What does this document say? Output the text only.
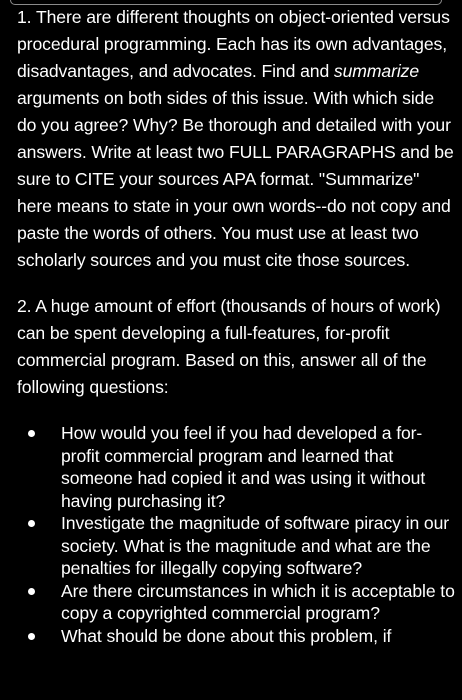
1. There are different thoughts on object-oriented versus procedural programming. Each has its own advantages, disadvantages, and advocates. Find and summarize arguments on both sides of this issue. With which side do you agree? Why? Be thorough and detailed with your answers. Write at least two FULL PARAGRAPHS and be sure to CITE your sources APA format. "Summarize" here means to state in your own words--do not copy and paste the words of others. You must use at least two scholarly sources and you must cite those sources.

2. A huge amount of effort (thousands of hours of work) can be spent developing a full-features, for-profit commercial program. Based on this, answer all of the following questions:

How would you feel if you had developed a for-profit commercial program and learned that someone had copied it and was using it without having purchasing it?
Investigate the magnitude of software piracy in our society. What is the magnitude and what are the penalties for illegally copying software?
Are there circumstances in which it is acceptable to copy a copyrighted commercial program?
What should be done about this problem, if
